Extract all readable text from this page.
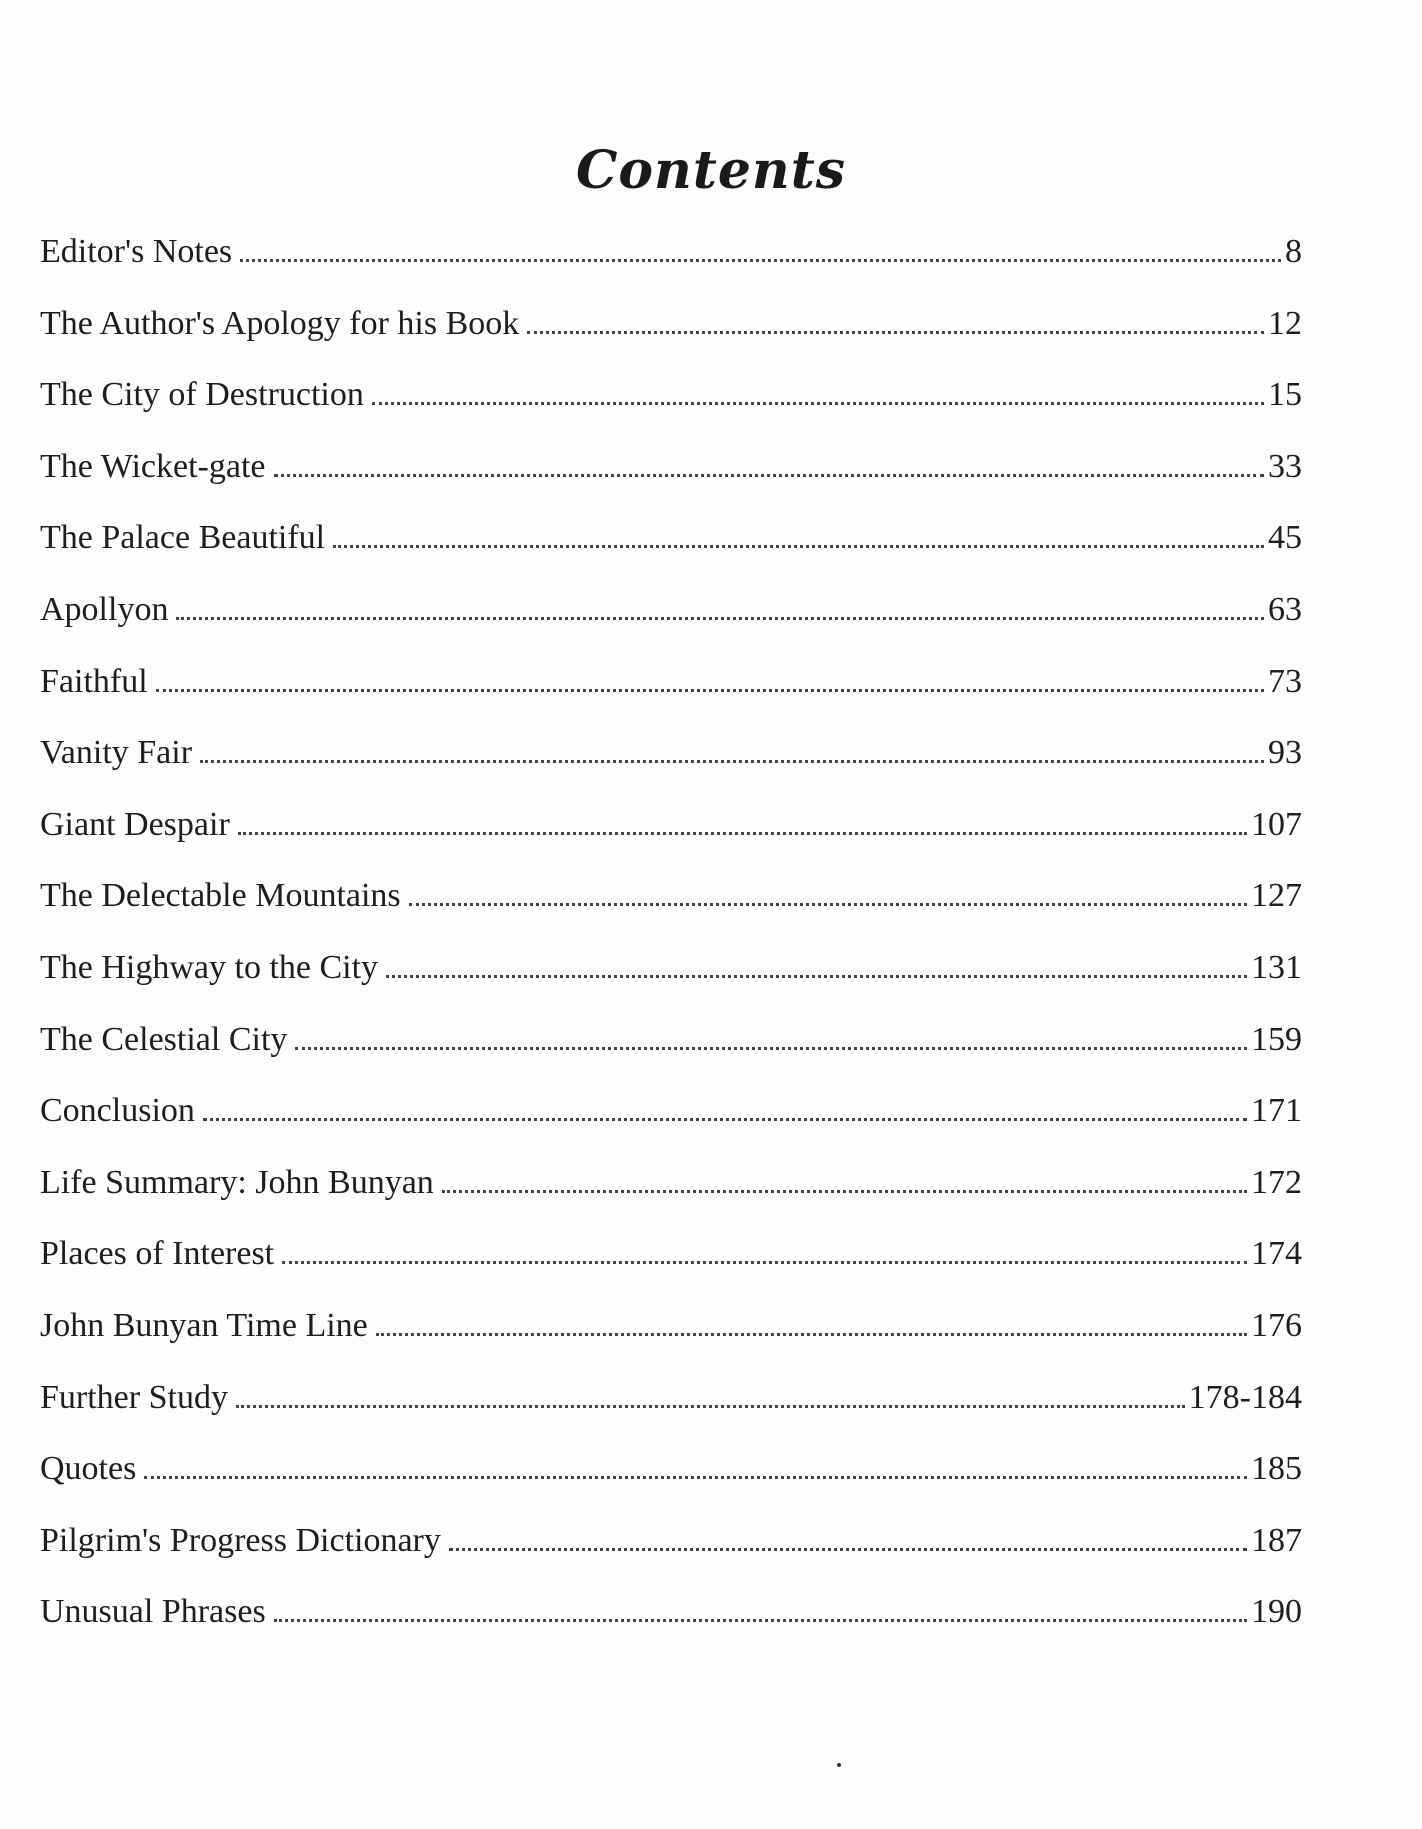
Contents
Editor's Notes	8
The Author's Apology for his Book	12
The City of Destruction	15
The Wicket-gate	33
The Palace Beautiful	45
Apollyon	63
Faithful	73
Vanity Fair	93
Giant Despair	107
The Delectable Mountains	127
The Highway to the City	131
The Celestial City	159
Conclusion	171
Life Summary: John Bunyan	172
Places of Interest	174
John Bunyan Time Line	176
Further Study	178-184
Quotes	185
Pilgrim's Progress Dictionary	187
Unusual Phrases	190
